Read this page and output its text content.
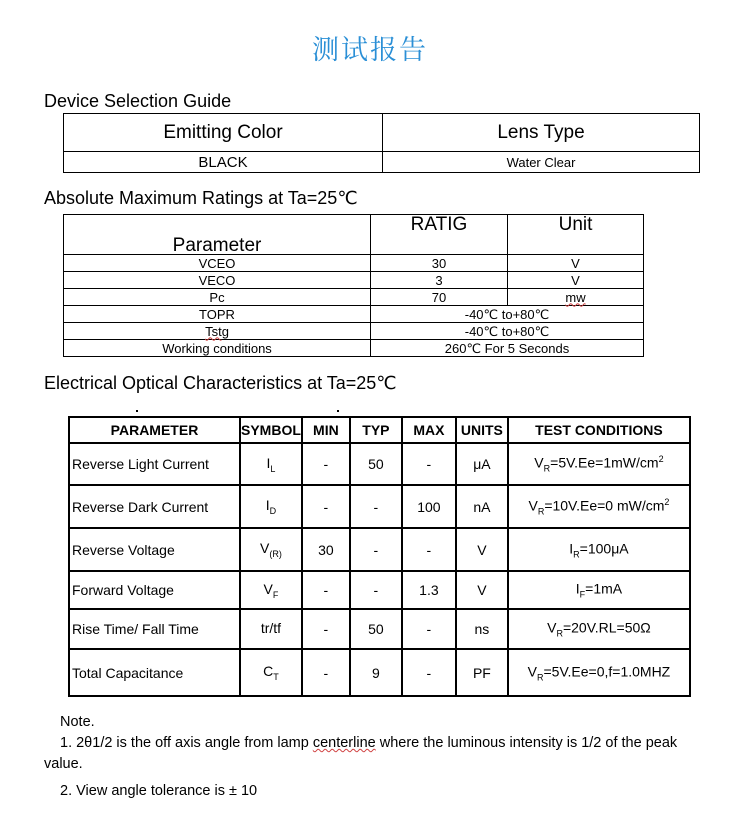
测试报告
Device Selection Guide
Emitting Color	Lens Type
BLACK	Water Clear
Absolute Maximum Ratings at Ta=25℃
Parameter	RATIG	Unit
VCEO	30	V
VECO	3	V
Pc	70	mw
TOPR	-40℃ to+80℃	
Tstg	-40℃ to+80℃	
Working conditions	260℃ For 5 Seconds	
Electrical Optical Characteristics at Ta=25℃
PARAMETER	SYMBOL	MIN	TYP	MAX	UNITS	TEST CONDITIONS
Reverse Light Current	$I_L$	-	50	-	μA	$V_R=5V.Ee=1mW/cm^2$
Reverse Dark Current	$I_D$	-	-	100	nA	$V_R=10V.Ee=0$ $mW/cm^2$
Reverse Voltage	$V_{(R)}$	30	-	-	V	$I_R=100\mu A$
Forward Voltage	$V_F$	-	-	1.3	V	$I_F=1mA$
Rise Time/ Fall Time	tr/tf	-	50	-	ns	$V_R=20V.RL=50\Omega$
Total Capacitance	$C_T$	-	9	-	PF	$V_R=5V.Ee=0,f=1.0MHZ$

Note.

1. 2θ1/2 is the off axis angle from lamp centerline where the luminous intensity is 1/2 of the peak value.

2. View angle tolerance is ± 10
